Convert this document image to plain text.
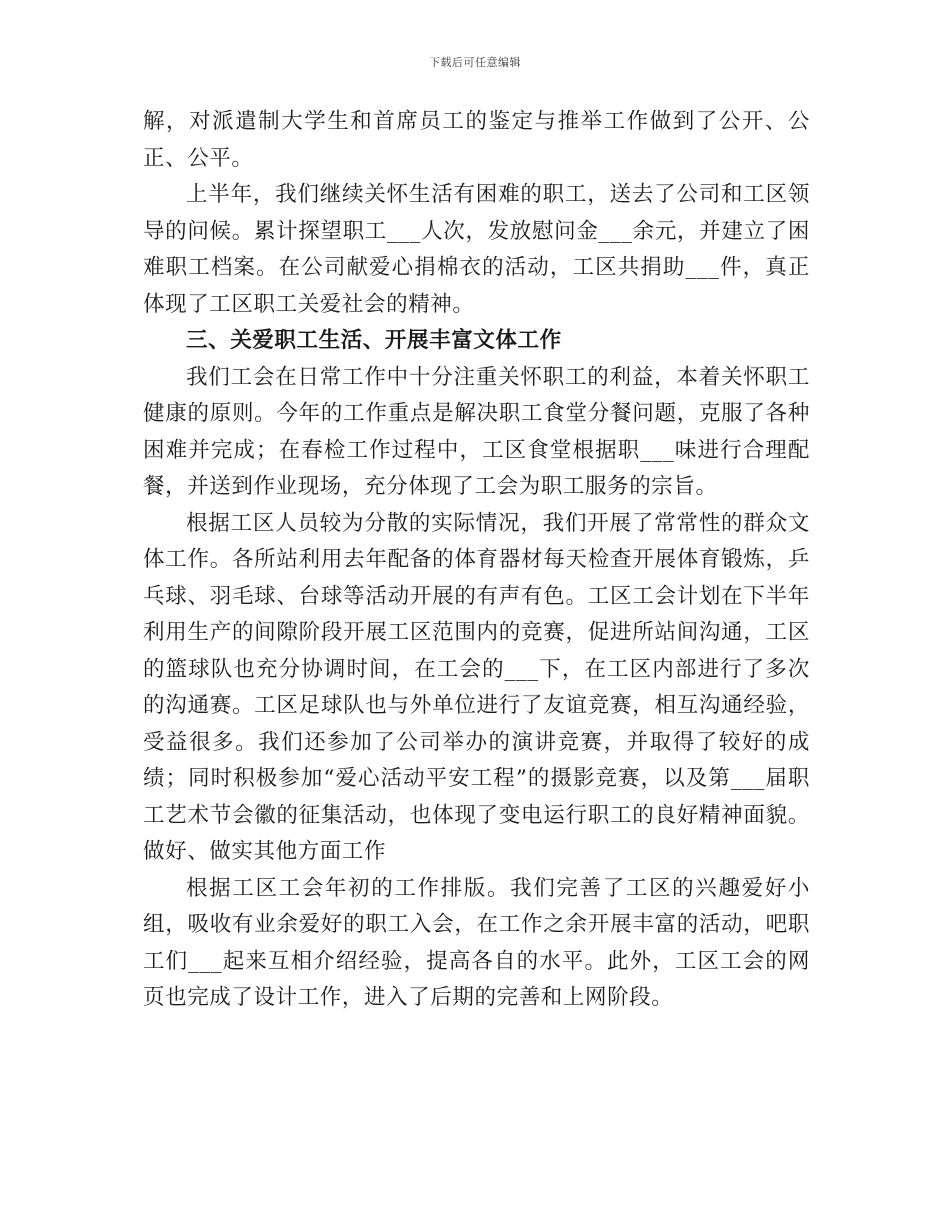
下载后可任意编辑

解，对派遣制大学生和首席员工的鉴定与推举工作做到了公开、公正、公平。

上半年，我们继续关怀生活有困难的职工，送去了公司和工区领导的问候。累计探望职工___人次，发放慰问金___余元，并建立了困难职工档案。在公司献爱心捐棉衣的活动，工区共捐助___件，真正体现了工区职工关爱社会的精神。

三、关爱职工生活、开展丰富文体工作

我们工会在日常工作中十分注重关怀职工的利益，本着关怀职工健康的原则。今年的工作重点是解决职工食堂分餐问题，克服了各种困难并完成；在春检工作过程中，工区食堂根据职___味进行合理配餐，并送到作业现场，充分体现了工会为职工服务的宗旨。

根据工区人员较为分散的实际情况，我们开展了常常性的群众文体工作。各所站利用去年配备的体育器材每天检查开展体育锻炼，乒乓球、羽毛球、台球等活动开展的有声有色。工区工会计划在下半年利用生产的间隙阶段开展工区范围内的竞赛，促进所站间沟通，工区的篮球队也充分协调时间，在工会的___下，在工区内部进行了多次的沟通赛。工区足球队也与外单位进行了友谊竞赛，相互沟通经验，受益很多。我们还参加了公司举办的演讲竞赛，并取得了较好的成绩；同时积极参加“爱心活动平安工程”的摄影竞赛，以及第___届职工艺术节会徽的征集活动，也体现了变电运行职工的良好精神面貌。做好、做实其他方面工作

根据工区工会年初的工作排版。我们完善了工区的兴趣爱好小组，吸收有业余爱好的职工入会，在工作之余开展丰富的活动，吧职工们___起来互相介绍经验，提高各自的水平。此外，工区工会的网页也完成了设计工作，进入了后期的完善和上网阶段。
